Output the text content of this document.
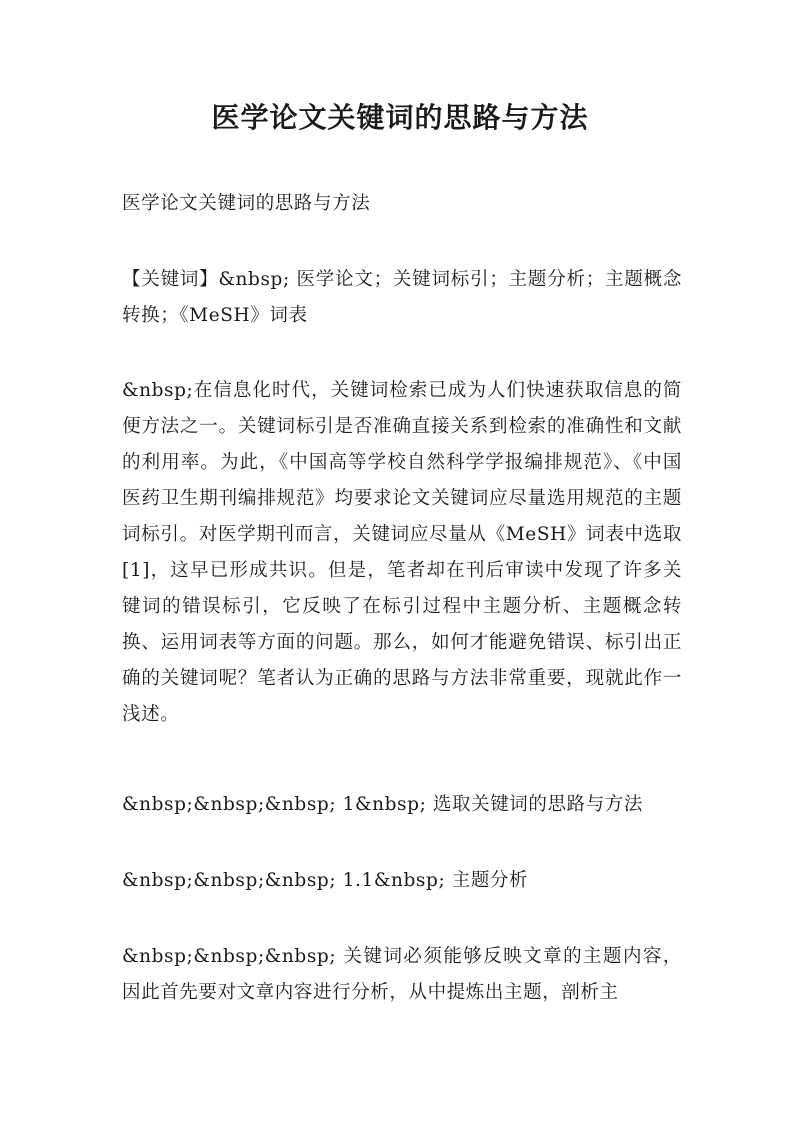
医学论文关键词的思路与方法

医学论文关键词的思路与方法

【关键词】&nbsp; 医学论文；关键词标引；主题分析；主题概念转换；《MeSH》词表

&nbsp;在信息化时代，关键词检索已成为人们快速获取信息的简便方法之一。关键词标引是否准确直接关系到检索的准确性和文献的利用率。为此，《中国高等学校自然科学学报编排规范》、《中国医药卫生期刊编排规范》均要求论文关键词应尽量选用规范的主题词标引。对医学期刊而言，关键词应尽量从《MeSH》词表中选取[1]，这早已形成共识。但是，笔者却在刊后审读中发现了许多关键词的错误标引，它反映了在标引过程中主题分析、主题概念转换、运用词表等方面的问题。那么，如何才能避免错误、标引出正确的关键词呢？笔者认为正确的思路与方法非常重要，现就此作一浅述。

&nbsp;&nbsp;&nbsp; 1&nbsp; 选取关键词的思路与方法

&nbsp;&nbsp;&nbsp; 1.1&nbsp; 主题分析

&nbsp;&nbsp;&nbsp; 关键词必须能够反映文章的主题内容，因此首先要对文章内容进行分析，从中提炼出主题，剖析主
